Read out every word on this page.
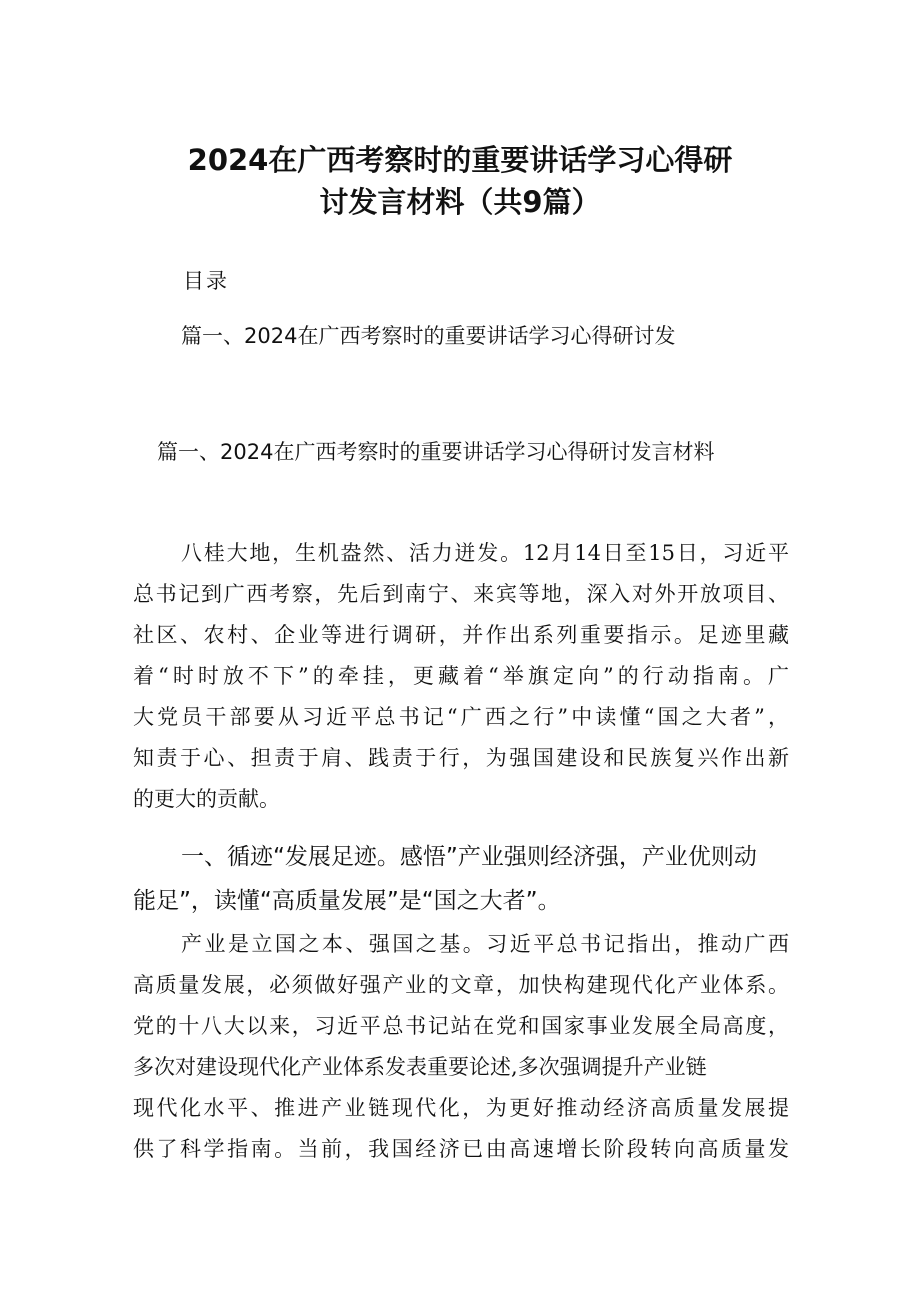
2024在广西考察时的重要讲话学习心得研
讨发言材料（共9篇）
目录
篇一、2024在广西考察时的重要讲话学习心得研讨发
篇一、2024在广西考察时的重要讲话学习心得研讨发言材料
八桂大地，生机盎然、活力迸发。12月14日至15日，习近平
总书记到广西考察，先后到南宁、来宾等地，深入对外开放项目、
社区、农村、企业等进行调研，并作出系列重要指示。足迹里藏
着“时时放不下”的牵挂，更藏着“举旗定向”的行动指南。广
大党员干部要从习近平总书记“广西之行”中读懂“国之大者”，
知责于心、担责于肩、践责于行，为强国建设和民族复兴作出新
的更大的贡献。
一、循迹“发展足迹。感悟”产业强则经济强，产业优则动
能足”，读懂“高质量发展”是“国之大者”。
产业是立国之本、强国之基。习近平总书记指出，推动广西
高质量发展，必须做好强产业的文章，加快构建现代化产业体系。
党的十八大以来，习近平总书记站在党和国家事业发展全局高度，
多次对建设现代化产业体系发表重要论述,多次强调提升产业链
现代化水平、推进产业链现代化，为更好推动经济高质量发展提
供了科学指南。当前，我国经济已由高速增长阶段转向高质量发
